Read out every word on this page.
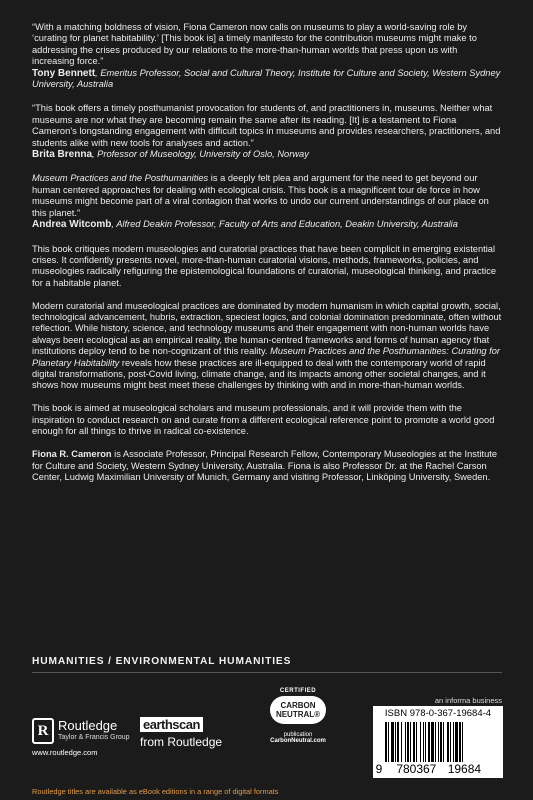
“With a matching boldness of vision, Fiona Cameron now calls on museums to play a world-saving role by ‘curating for planet habitability.’ [This book is] a timely manifesto for the contribution museums might make to addressing the crises produced by our relations to the more-than-human worlds that press upon us with increasing force.”

Tony Bennett, Emeritus Professor, Social and Cultural Theory, Institute for Culture and Society, Western Sydney University, Australia

“This book offers a timely posthumanist provocation for students of, and practitioners in, museums. Neither what museums are nor what they are becoming remain the same after its reading. [It] is a testament to Fiona Cameron’s longstanding engagement with difficult topics in museums and provides researchers, practitioners, and students alike with new tools for analyses and action.”

Brita Brenna, Professor of Museology, University of Oslo, Norway

Museum Practices and the Posthumanities is a deeply felt plea and argument for the need to get beyond our human centered approaches for dealing with ecological crisis. This book is a magnificent tour de force in how museums might become part of a viral contagion that works to undo our current understandings of our place on this planet.”

Andrea Witcomb, Alfred Deakin Professor, Faculty of Arts and Education, Deakin University, Australia

This book critiques modern museologies and curatorial practices that have been complicit in emerging existential crises. It confidently presents novel, more-than-human curatorial visions, methods, frameworks, policies, and museologies radically refiguring the epistemological foundations of curatorial, museological thinking, and practice for a habitable planet.

Modern curatorial and museological practices are dominated by modern humanism in which capital growth, social, technological advancement, hubris, extraction, speciest logics, and colonial domination predominate, often without reflection. While history, science, and technology museums and their engagement with non-human worlds have always been ecological as an empirical reality, the human-centred frameworks and forms of human agency that institutions deploy tend to be non-cognizant of this reality. Museum Practices and the Posthumanities: Curating for Planetary Habitability reveals how these practices are ill-equipped to deal with the contemporary world of rapid digital transformations, post-Covid living, climate change, and its impacts among other societal changes, and it shows how museums might best meet these challenges by thinking with and in more-than-human worlds.

This book is aimed at museological scholars and museum professionals, and it will provide them with the inspiration to conduct research on and curate from a different ecological reference point to promote a world good enough for all things to thrive in radical co-existence.

Fiona R. Cameron is Associate Professor, Principal Research Fellow, Contemporary Museologies at the Institute for Culture and Society, Western Sydney University, Australia. Fiona is also Professor Dr. at the Rachel Carson Center, Ludwig Maximilian University of Munich, Germany and visiting Professor, Linköping University, Sweden.

HUMANITIES / ENVIRONMENTAL HUMANITIES
R Routledge
Taylor & Francis Group
www.routledge.com
earthscan
from Routledge
CERTIFIED
CARBON
NEUTRAL®
publication
CarbonNeutral.com
an informa business
ISBN 978-0-367-19684-4
9 780367 19684
Routledge titles are available as eBook editions in a range of digital formats
